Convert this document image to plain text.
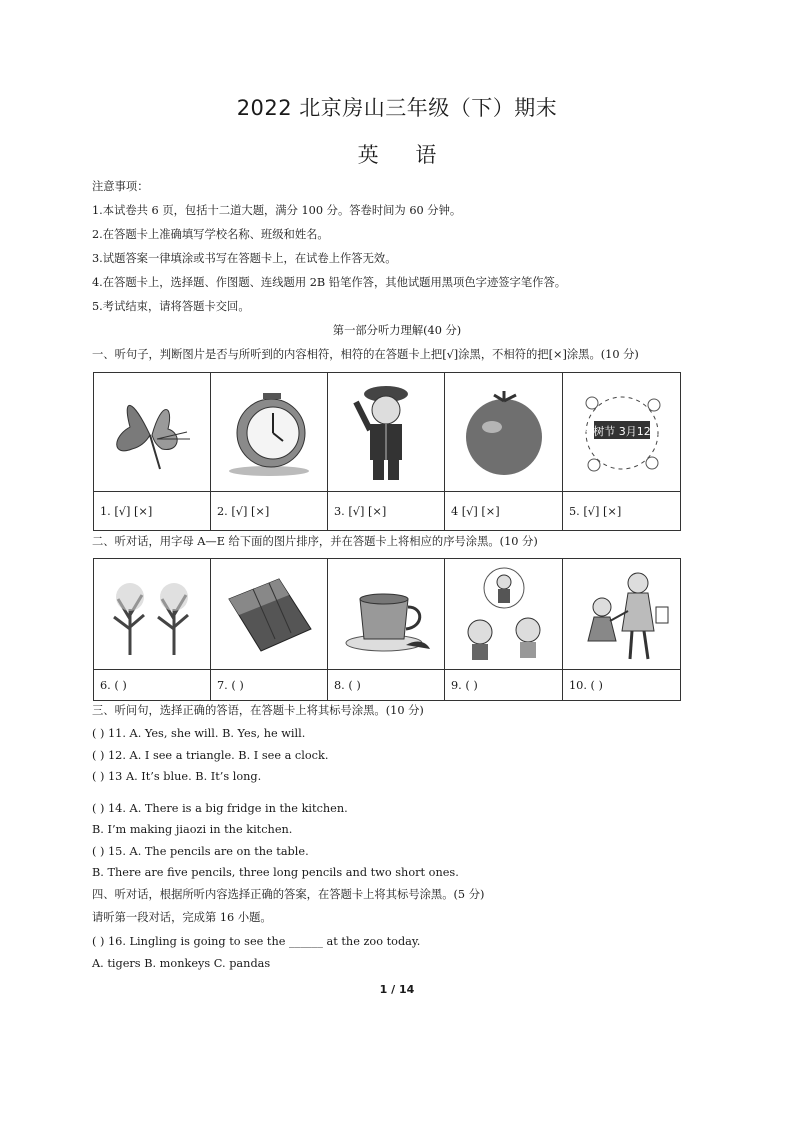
2022 北京房山三年级（下）期末
英 语
注意事项：
1.本试卷共 6 页，包括十二道大题，满分 100 分。答卷时间为 60 分钟。
2.在答题卡上准确填写学校名称、班级和姓名。
3.试题答案一律填涂或书写在答题卡上，在试卷上作答无效。
4.在答题卡上，选择题、作图题、连线题用 2B 铅笔作答，其他试题用黑项色字迹签字笔作答。
5.考试结束，请将答题卡交回。
第一部分听力理解(40 分)
一、听句子，判断图片是否与所听到的内容相符，相符的在答题卡上把[√]涂黑，不相符的把[×]涂黑。(10 分)

植树节 3月12日

1. [√] [×]	2. [√] [×]	3. [√] [×]	4 [√] [×]	5. [√] [×]
二、听对话，用字母 A—E 给下面的图片排序，并在答题卡上将相应的序号涂黑。(10 分)

6. ( )	7. ( )	8. ( )	9. ( )	10. ( )
三、听问句，选择正确的答语，在答题卡上将其标号涂黑。(10 分)
( ) 11. A. Yes, she will. B. Yes, he will.
( ) 12. A. I see a triangle. B. I see a clock.
( ) 13 A. It’s blue. B. It’s long.
( ) 14. A. There is a big fridge in the kitchen.
B. I’m making jiaozi in the kitchen.
( ) 15. A. The pencils are on the table.
B. There are five pencils, three long pencils and two short ones.
四、听对话，根据所听内容选择正确的答案，在答题卡上将其标号涂黑。(5 分)
请听第一段对话，完成第 16 小题。
( ) 16. Lingling is going to see the ______ at the zoo today.
A. tigers B. monkeys C. pandas
1 / 14
